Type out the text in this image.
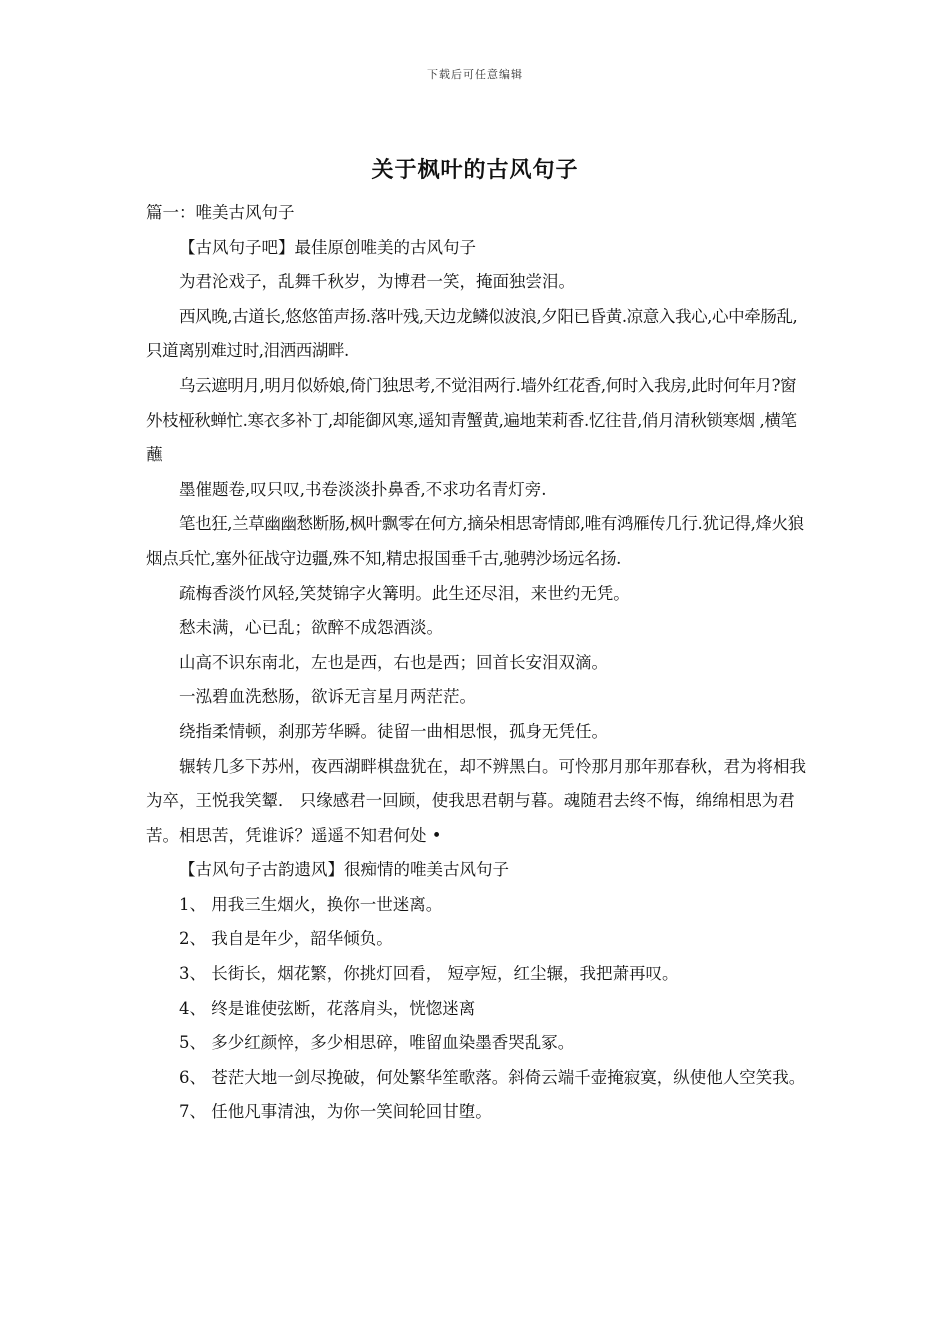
下载后可任意编辑
关于枫叶的古风句子

篇一：唯美古风句子

【古风句子吧】最佳原创唯美的古风句子

为君沦戏子，乱舞千秋岁，为博君一笑，掩面独尝泪。

西风晚,古道长,悠悠笛声扬.落叶残,天边龙鳞似波浪,夕阳已昏黄.凉意入我心,心中牵肠乱,只道离别难过时,泪洒西湖畔.

乌云遮明月,明月似娇娘,倚门独思考,不觉泪两行.墙外红花香,何时入我房,此时何年月?窗外枝桠秋蝉忙.寒衣多补丁,却能御风寒,遥知青蟹黄,遍地茉莉香.忆往昔,俏月清秋锁寒烟 ,横笔蘸

墨催题卷,叹只叹,书卷淡淡扑鼻香,不求功名青灯旁.

笔也狂,兰草幽幽愁断肠,枫叶飘零在何方,摘朵相思寄情郎,唯有鸿雁传几行.犹记得,烽火狼烟点兵忙,塞外征战守边疆,殊不知,精忠报国垂千古,驰骋沙场远名扬.

疏梅香淡竹风轻,笑焚锦字火篝明。此生还尽泪，来世约无凭。

愁未满，心已乱；欲醉不成怨酒淡。

山高不识东南北，左也是西，右也是西；回首长安泪双滴。

一泓碧血洗愁肠，欲诉无言星月两茫茫。

绕指柔情顿，刹那芳华瞬。徒留一曲相思恨，孤身无凭任。

辗转几多下苏州，夜西湖畔棋盘犹在，却不辨黑白。可怜那月那年那春秋，君为将相我为卒，王悦我笑颦． 只缘感君一回顾，使我思君朝与暮。魂随君去终不悔，绵绵相思为君苦。相思苦，凭谁诉？遥遥不知君何处 •

【古风句子古韵遗风】很痴情的唯美古风句子

1、 用我三生烟火，换你一世迷离。

2、 我自是年少，韶华倾负。

3、 长街长，烟花繁，你挑灯回看， 短亭短，红尘辗，我把萧再叹。

4、 终是谁使弦断，花落肩头，恍惚迷离

5、 多少红颜悴，多少相思碎，唯留血染墨香哭乱冢。

6、 苍茫大地一剑尽挽破，何处繁华笙歌落。斜倚云端千壶掩寂寞，纵使他人空笑我。

7、 任他凡事清浊，为你一笑间轮回甘堕。
